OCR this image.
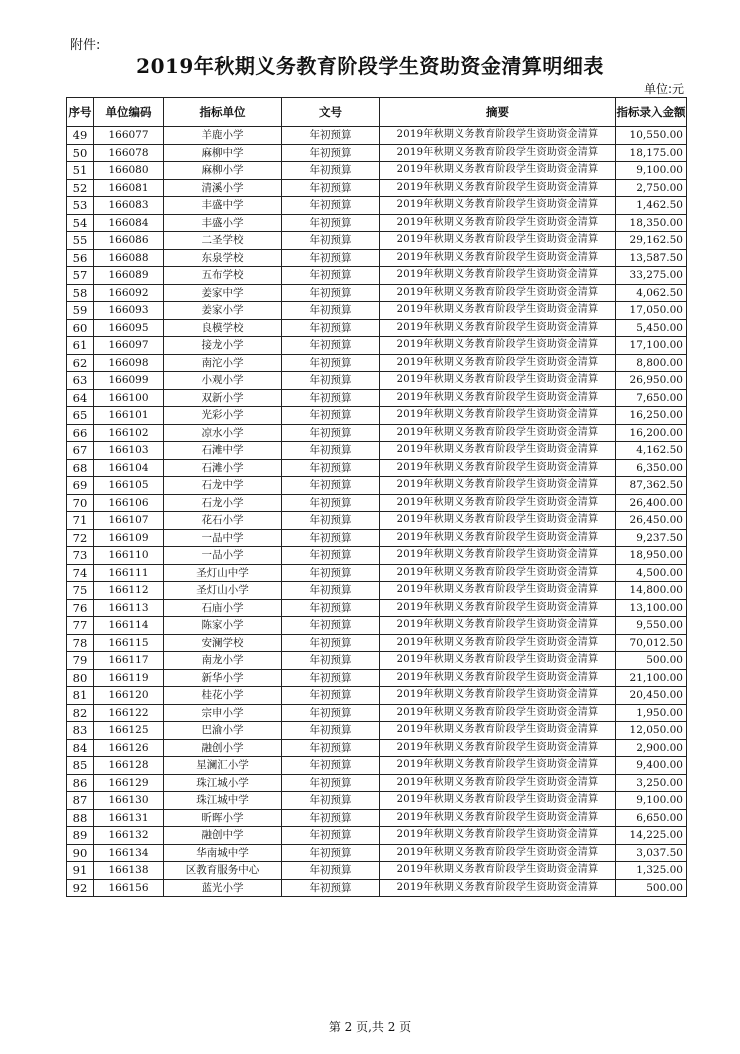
附件:
2019年秋期义务教育阶段学生资助资金清算明细表
单位:元
序号	单位编码	指标单位	文号	摘要	指标录入金额
49	166077	羊鹿小学	年初预算	2019年秋期义务教育阶段学生资助资金清算	10,550.00
50	166078	麻柳中学	年初预算	2019年秋期义务教育阶段学生资助资金清算	18,175.00
51	166080	麻柳小学	年初预算	2019年秋期义务教育阶段学生资助资金清算	9,100.00
52	166081	清溪小学	年初预算	2019年秋期义务教育阶段学生资助资金清算	2,750.00
53	166083	丰盛中学	年初预算	2019年秋期义务教育阶段学生资助资金清算	1,462.50
54	166084	丰盛小学	年初预算	2019年秋期义务教育阶段学生资助资金清算	18,350.00
55	166086	二圣学校	年初预算	2019年秋期义务教育阶段学生资助资金清算	29,162.50
56	166088	东泉学校	年初预算	2019年秋期义务教育阶段学生资助资金清算	13,587.50
57	166089	五布学校	年初预算	2019年秋期义务教育阶段学生资助资金清算	33,275.00
58	166092	姜家中学	年初预算	2019年秋期义务教育阶段学生资助资金清算	4,062.50
59	166093	姜家小学	年初预算	2019年秋期义务教育阶段学生资助资金清算	17,050.00
60	166095	良模学校	年初预算	2019年秋期义务教育阶段学生资助资金清算	5,450.00
61	166097	接龙小学	年初预算	2019年秋期义务教育阶段学生资助资金清算	17,100.00
62	166098	南沱小学	年初预算	2019年秋期义务教育阶段学生资助资金清算	8,800.00
63	166099	小观小学	年初预算	2019年秋期义务教育阶段学生资助资金清算	26,950.00
64	166100	双新小学	年初预算	2019年秋期义务教育阶段学生资助资金清算	7,650.00
65	166101	光彩小学	年初预算	2019年秋期义务教育阶段学生资助资金清算	16,250.00
66	166102	凉水小学	年初预算	2019年秋期义务教育阶段学生资助资金清算	16,200.00
67	166103	石滩中学	年初预算	2019年秋期义务教育阶段学生资助资金清算	4,162.50
68	166104	石滩小学	年初预算	2019年秋期义务教育阶段学生资助资金清算	6,350.00
69	166105	石龙中学	年初预算	2019年秋期义务教育阶段学生资助资金清算	87,362.50
70	166106	石龙小学	年初预算	2019年秋期义务教育阶段学生资助资金清算	26,400.00
71	166107	花石小学	年初预算	2019年秋期义务教育阶段学生资助资金清算	26,450.00
72	166109	一品中学	年初预算	2019年秋期义务教育阶段学生资助资金清算	9,237.50
73	166110	一品小学	年初预算	2019年秋期义务教育阶段学生资助资金清算	18,950.00
74	166111	圣灯山中学	年初预算	2019年秋期义务教育阶段学生资助资金清算	4,500.00
75	166112	圣灯山小学	年初预算	2019年秋期义务教育阶段学生资助资金清算	14,800.00
76	166113	石庙小学	年初预算	2019年秋期义务教育阶段学生资助资金清算	13,100.00
77	166114	陈家小学	年初预算	2019年秋期义务教育阶段学生资助资金清算	9,550.00
78	166115	安澜学校	年初预算	2019年秋期义务教育阶段学生资助资金清算	70,012.50
79	166117	南龙小学	年初预算	2019年秋期义务教育阶段学生资助资金清算	500.00
80	166119	新华小学	年初预算	2019年秋期义务教育阶段学生资助资金清算	21,100.00
81	166120	桂花小学	年初预算	2019年秋期义务教育阶段学生资助资金清算	20,450.00
82	166122	宗申小学	年初预算	2019年秋期义务教育阶段学生资助资金清算	1,950.00
83	166125	巴渝小学	年初预算	2019年秋期义务教育阶段学生资助资金清算	12,050.00
84	166126	融创小学	年初预算	2019年秋期义务教育阶段学生资助资金清算	2,900.00
85	166128	星澜汇小学	年初预算	2019年秋期义务教育阶段学生资助资金清算	9,400.00
86	166129	珠江城小学	年初预算	2019年秋期义务教育阶段学生资助资金清算	3,250.00
87	166130	珠江城中学	年初预算	2019年秋期义务教育阶段学生资助资金清算	9,100.00
88	166131	昕晖小学	年初预算	2019年秋期义务教育阶段学生资助资金清算	6,650.00
89	166132	融创中学	年初预算	2019年秋期义务教育阶段学生资助资金清算	14,225.00
90	166134	华南城中学	年初预算	2019年秋期义务教育阶段学生资助资金清算	3,037.50
91	166138	区教育服务中心	年初预算	2019年秋期义务教育阶段学生资助资金清算	1,325.00
92	166156	蓝光小学	年初预算	2019年秋期义务教育阶段学生资助资金清算	500.00
第 2 页,共 2 页
